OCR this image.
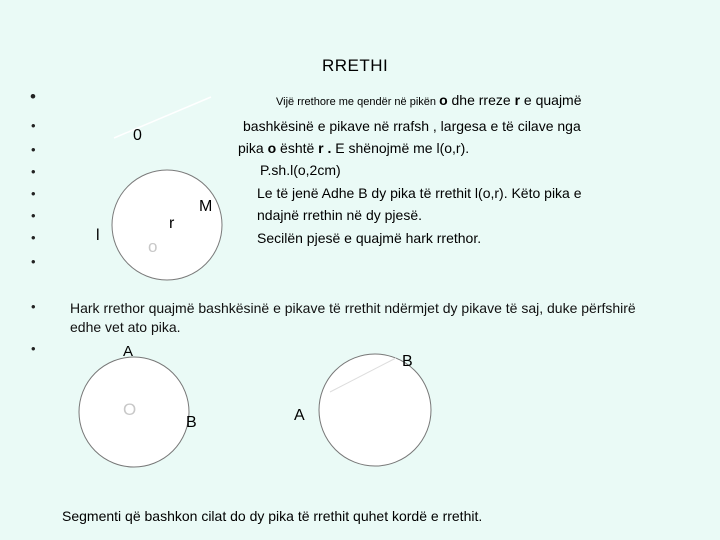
RRETHI
•
•
•
•
•
•
•
•
•
•
0
l
r
o
M
Vijë rrethore me qendër në pikën o dhe rreze r e quajmë
bashkësinë e pikave në rrafsh , largesa e të cilave nga
pika o është r . E shënojmë me l(o,r).
P.sh.l(o,2cm)
Le të jenë Adhe B dy pika të rrethit l(o,r). Këto pika e
ndajnë rrethin në dy pjesë.
Secilën pjesë e quajmë hark rrethor.
Hark rrethor quajmë bashkësinë e pikave të rrethit ndërmjet dy pikave të saj, duke përfshirë edhe vet ato pika.
A
O
B
B
A
Segmenti që bashkon cilat do dy pika të rrethit quhet kordë e rrethit.
